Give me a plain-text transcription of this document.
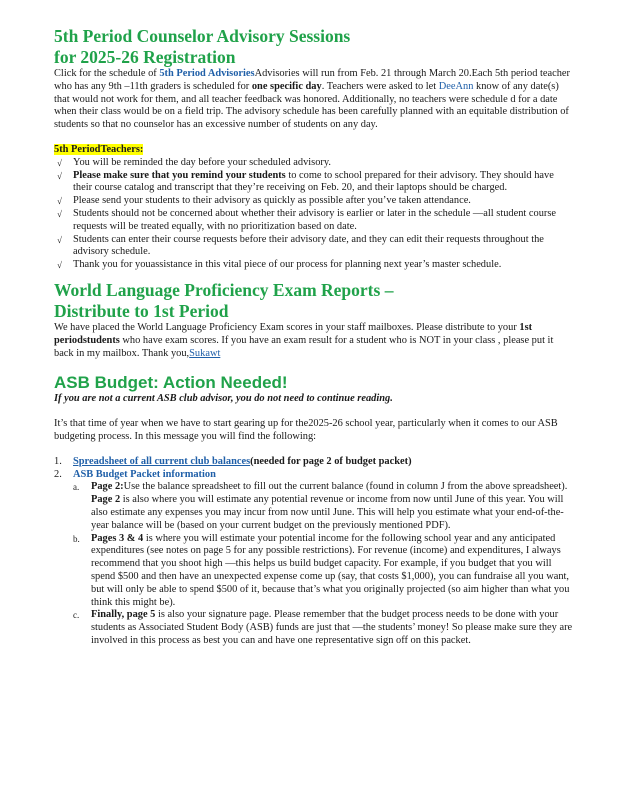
5th Period Counselor Advisory Sessions
for 2025-26 Registration

Click for the schedule of 5th Period AdvisoriesAdvisories will run from Feb. 21 through March 20.Each 5th period teacher who has any 9th –11th graders is scheduled for one specific day. Teachers were asked to let DeeAnn know of any date(s) that would not work for them, and all teacher feedback was honored. Additionally, no teachers were schedule d for a date when their class would be on a field trip. The advisory schedule has been carefully planned with an equitable distribution of students so that no counselor has an excessive number of students on any day.

5th PeriodTeachers:

√ You will be reminded the day before your scheduled advisory.
√ Please make sure that you remind your students to come to school prepared for their advisory. They should have their course catalog and transcript that they’re receiving on Feb. 20, and their laptops should be charged.
√ Please send your students to their advisory as quickly as possible after you’ve taken attendance.
√ Students should not be concerned about whether their advisory is earlier or later in the schedule —all student course requests will be treated equally, with no prioritization based on date.
√ Students can enter their course requests before their advisory date, and they can edit their requests throughout the advisory schedule.
√ Thank you for youassistance in this vital piece of our process for planning next year’s master schedule.
World Language Proficiency Exam Reports –
Distribute to 1st Period

We have placed the World Language Proficiency Exam scores in your staff mailboxes. Please distribute to your 1st periodstudents who have exam scores. If you have an exam result for a student who is NOT in your class , please put it back in my mailbox. Thank you,Sukawt

ASB Budget: Action Needed!

If you are not a current ASB club advisor, you do not need to continue reading.

It’s that time of year when we have to start gearing up for the2025-26 school year, particularly when it comes to our ASB budgeting process. In this message you will find the following:

1. Spreadsheet of all current club balances(needed for page 2 of budget packet)
2. ASB Budget Packet information
a. Page 2:Use the balance spreadsheet to fill out the current balance (found in column J from the above spreadsheet). Page 2 is also where you will estimate any potential revenue or income from now until June of this year. You will also estimate any expenses you may incur from now until June. This will help you estimate what your end-of-the-year balance will be (based on your current budget on the previously mentioned PDF).
b. Pages 3 & 4 is where you will estimate your potential income for the following school year and any anticipated expenditures (see notes on page 5 for any possible restrictions). For revenue (income) and expenditures, I always recommend that you shoot high —this helps us build budget capacity. For example, if you budget that you will spend $500 and then have an unexpected expense come up (say, that costs $1,000), you can fundraise all you want, but will only be able to spend $500 of it, because that’s what you originally projected (so aim higher than what you think this might be).
c. Finally, page 5 is also your signature page. Please remember that the budget process needs to be done with your students as Associated Student Body (ASB) funds are just that —the students’ money! So please make sure they are involved in this process as best you can and have one representative sign off on this packet.
